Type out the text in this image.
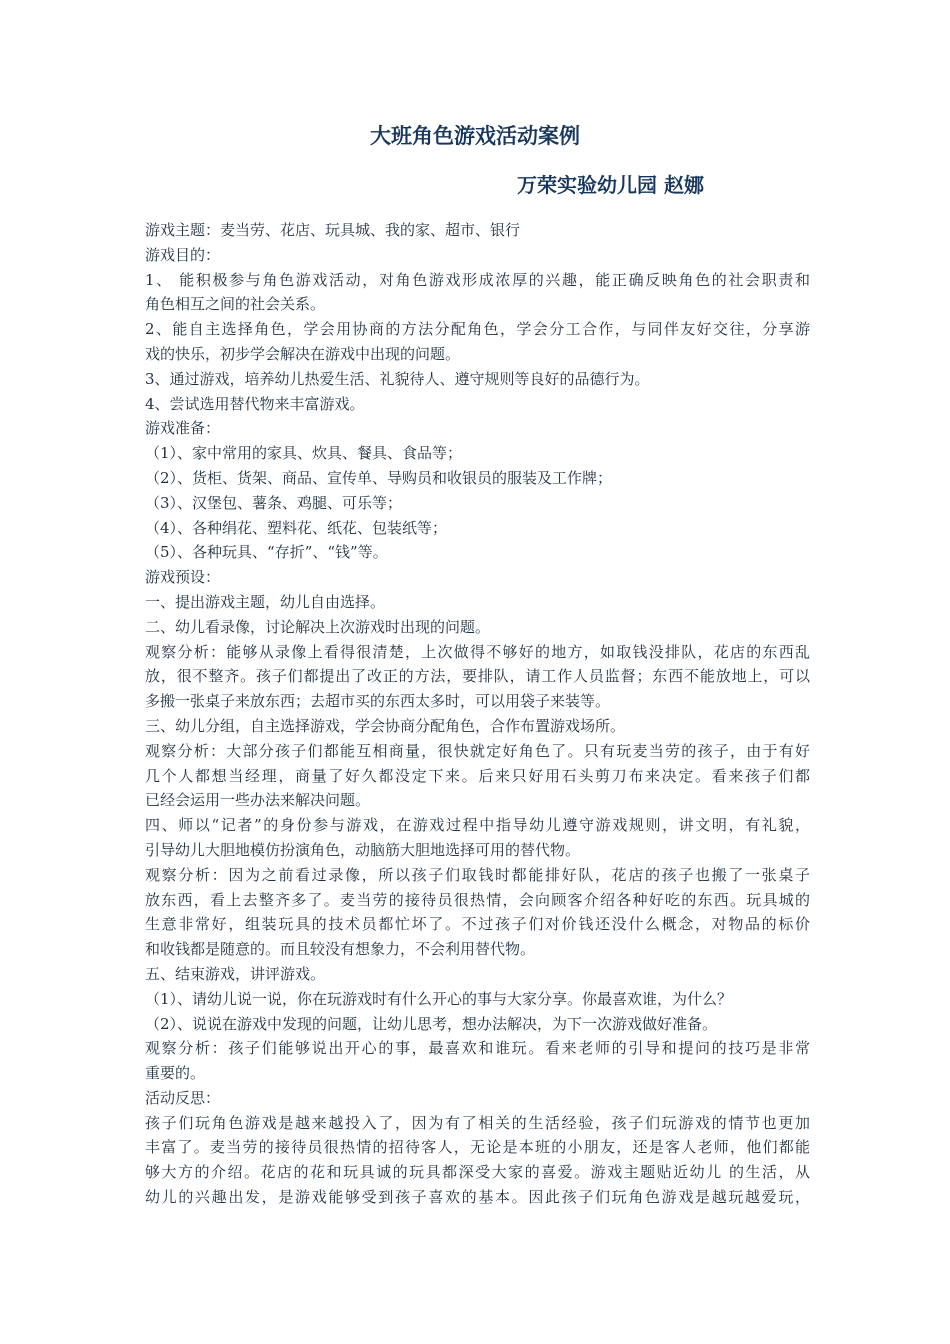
大班角色游戏活动案例
万荣实验幼儿园 赵娜
游戏主题：麦当劳、花店、玩具城、我的家、超市、银行
游戏目的：
1、 能积极参与角色游戏活动，对角色游戏形成浓厚的兴趣，能正确反映角色的社会职责和
角色相互之间的社会关系。
2、能自主选择角色，学会用协商的方法分配角色，学会分工合作，与同伴友好交往，分享游
戏的快乐，初步学会解决在游戏中出现的问题。
3、通过游戏，培养幼儿热爱生活、礼貌待人、遵守规则等良好的品德行为。
4、尝试选用替代物来丰富游戏。
游戏准备：
（1）、家中常用的家具、炊具、餐具、食品等；
（2）、货柜、货架、商品、宣传单、导购员和收银员的服装及工作牌；
（3）、汉堡包、薯条、鸡腿、可乐等；
（4）、各种绢花、塑料花、纸花、包装纸等；
（5）、各种玩具、“存折”、“钱”等。
游戏预设：
一、提出游戏主题，幼儿自由选择。
二、幼儿看录像，讨论解决上次游戏时出现的问题。
观察分析：能够从录像上看得很清楚，上次做得不够好的地方，如取钱没排队，花店的东西乱
放，很不整齐。孩子们都提出了改正的方法，要排队，请工作人员监督；东西不能放地上，可以
多搬一张桌子来放东西；去超市买的东西太多时，可以用袋子来装等。
三、幼儿分组，自主选择游戏，学会协商分配角色，合作布置游戏场所。
观察分析：大部分孩子们都能互相商量，很快就定好角色了。只有玩麦当劳的孩子，由于有好
几个人都想当经理，商量了好久都没定下来。后来只好用石头剪刀布来决定。看来孩子们都
已经会运用一些办法来解决问题。
四、师以“记者”的身份参与游戏，在游戏过程中指导幼儿遵守游戏规则，讲文明，有礼貌，
引导幼儿大胆地模仿扮演角色，动脑筋大胆地选择可用的替代物。
观察分析：因为之前看过录像，所以孩子们取钱时都能排好队，花店的孩子也搬了一张桌子
放东西，看上去整齐多了。麦当劳的接待员很热情，会向顾客介绍各种好吃的东西。玩具城的
生意非常好，组装玩具的技术员都忙坏了。不过孩子们对价钱还没什么概念，对物品的标价
和收钱都是随意的。而且较没有想象力，不会利用替代物。
五、结束游戏，讲评游戏。
（1）、请幼儿说一说，你在玩游戏时有什么开心的事与大家分享。你最喜欢谁，为什么？
（2）、说说在游戏中发现的问题，让幼儿思考，想办法解决，为下一次游戏做好准备。
观察分析：孩子们能够说出开心的事，最喜欢和谁玩。看来老师的引导和提问的技巧是非常
重要的。
活动反思：
孩子们玩角色游戏是越来越投入了，因为有了相关的生活经验，孩子们玩游戏的情节也更加
丰富了。麦当劳的接待员很热情的招待客人，无论是本班的小朋友，还是客人老师，他们都能
够大方的介绍。花店的花和玩具诚的玩具都深受大家的喜爱。游戏主题贴近幼儿 的生活，从
幼儿的兴趣出发，是游戏能够受到孩子喜欢的基本。因此孩子们玩角色游戏是越玩越爱玩，
